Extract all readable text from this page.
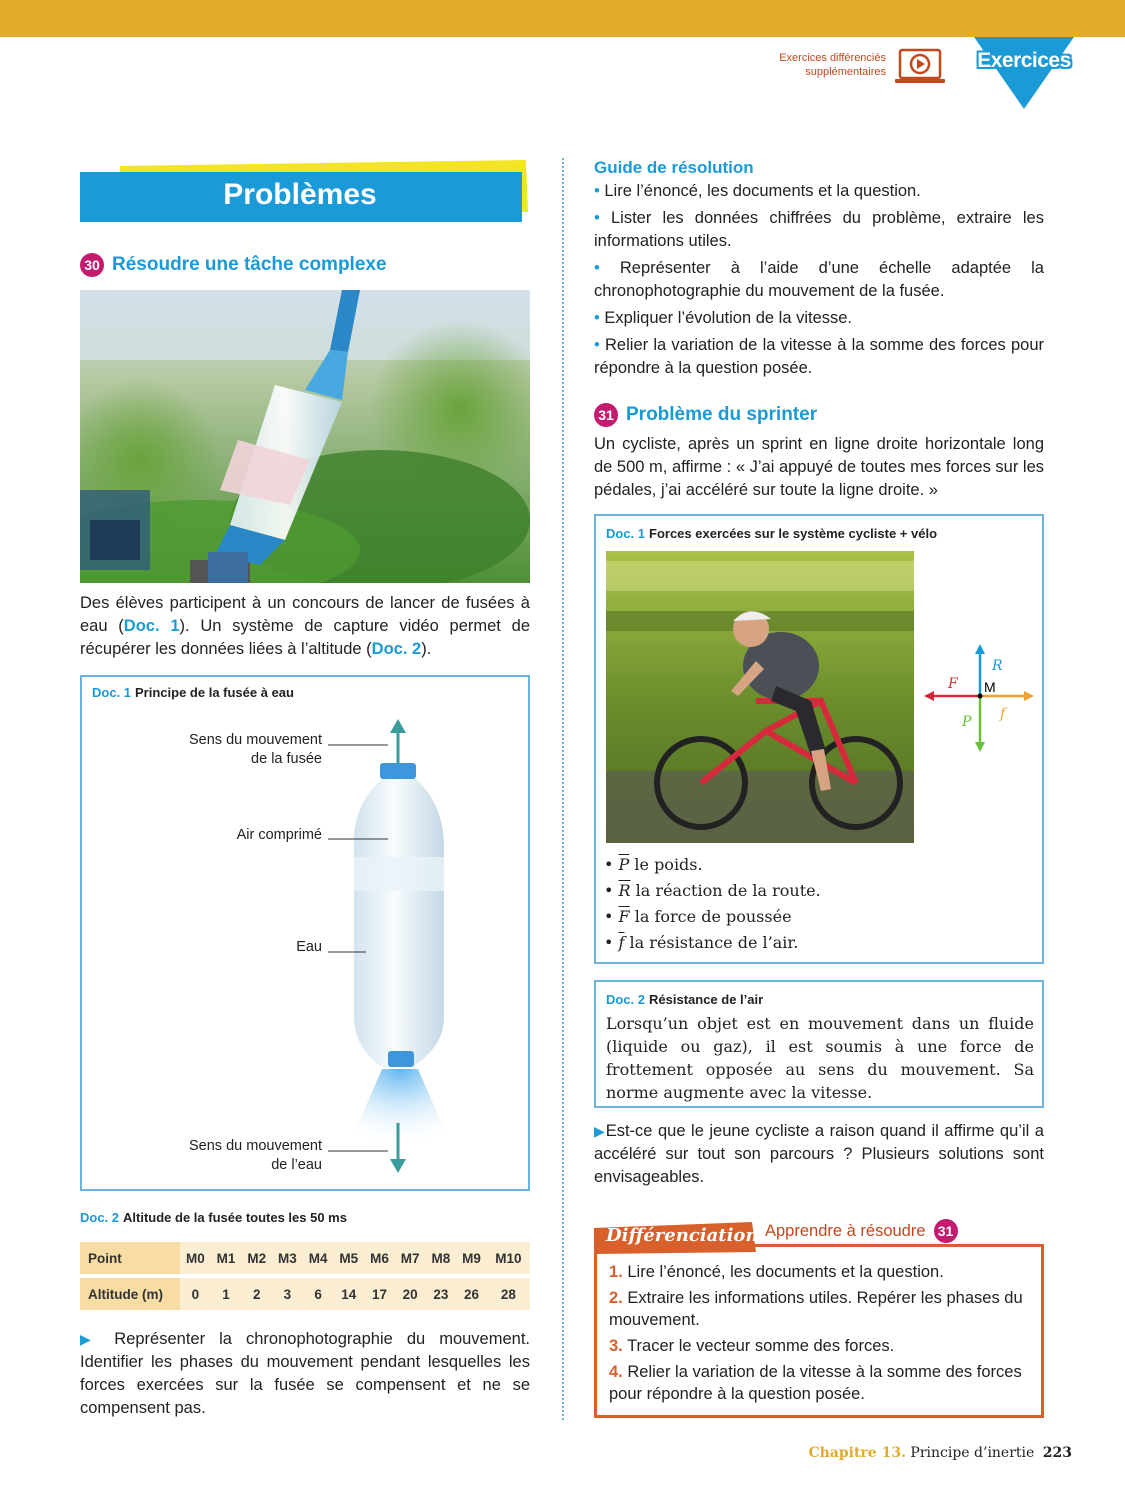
Exercices différenciés
supplémentaires	Exercices
Problèmes
30 Résoudre une tâche complexe
Des élèves participent à un concours de lancer de fusées à eau (Doc. 1). Un système de capture vidéo permet de récupérer les données liées à l’altitude (Doc. 2).
Doc. 1 Principe de la fusée à eau
Sens du mouvement
de la fusée
Air comprimé
Eau
Sens du mouvement
de l’eau
Doc. 2 Altitude de la fusée toutes les 50 ms
Point	M0	M1	M2	M3	M4	M5	M6	M7	M8	M9	M10
Altitude (m)	0	1	2	3	6	14	17	20	23	26	28
▶ Représenter la chronophotographie du mouvement. Identifier les phases du mouvement pendant lesquelles les forces exercées sur la fusée se compensent et ne se compensent pas.
Guide de résolution
• Lire l’énoncé, les documents et la question.
• Lister les données chiffrées du problème, extraire les informations utiles.
• Représenter à l’aide d’une échelle adaptée la chronophotographie du mouvement de la fusée.
• Expliquer l’évolution de la vitesse.
• Relier la variation de la vitesse à la somme des forces pour répondre à la question posée.
31 Problème du sprinter
Un cycliste, après un sprint en ligne droite horizontale long de 500 m, affirme : « J’ai appuyé de toutes mes forces sur les pédales, j’ai accéléré sur toute la ligne droite. »
Doc. 1 Forces exercées sur le système cycliste + vélo
R
F M
P f
• $\overline{P}$ le poids.
• $\overline{R}$ la réaction de la route.
• $\overline{F}$ la force de poussée
• $\overline{f}$ la résistance de l’air.
Doc. 2 Résistance de l’air
Lorsqu’un objet est en mouvement dans un fluide (liquide ou gaz), il est soumis à une force de frottement opposée au sens du mouvement. Sa norme augmente avec la vitesse.
▶Est-ce que le jeune cycliste a raison quand il affirme qu’il a accéléré sur tout son parcours ? Plusieurs solutions sont envisageables.
1. Lire l’énoncé, les documents et la question.
2. Extraire les informations utiles. Repérer les phases du mouvement.
3. Tracer le vecteur somme des forces.
4. Relier la variation de la vitesse à la somme des forces pour répondre à la question posée.
Différenciation Apprendre à résoudre 31
Chapitre 13. Principe d’inertie 223
